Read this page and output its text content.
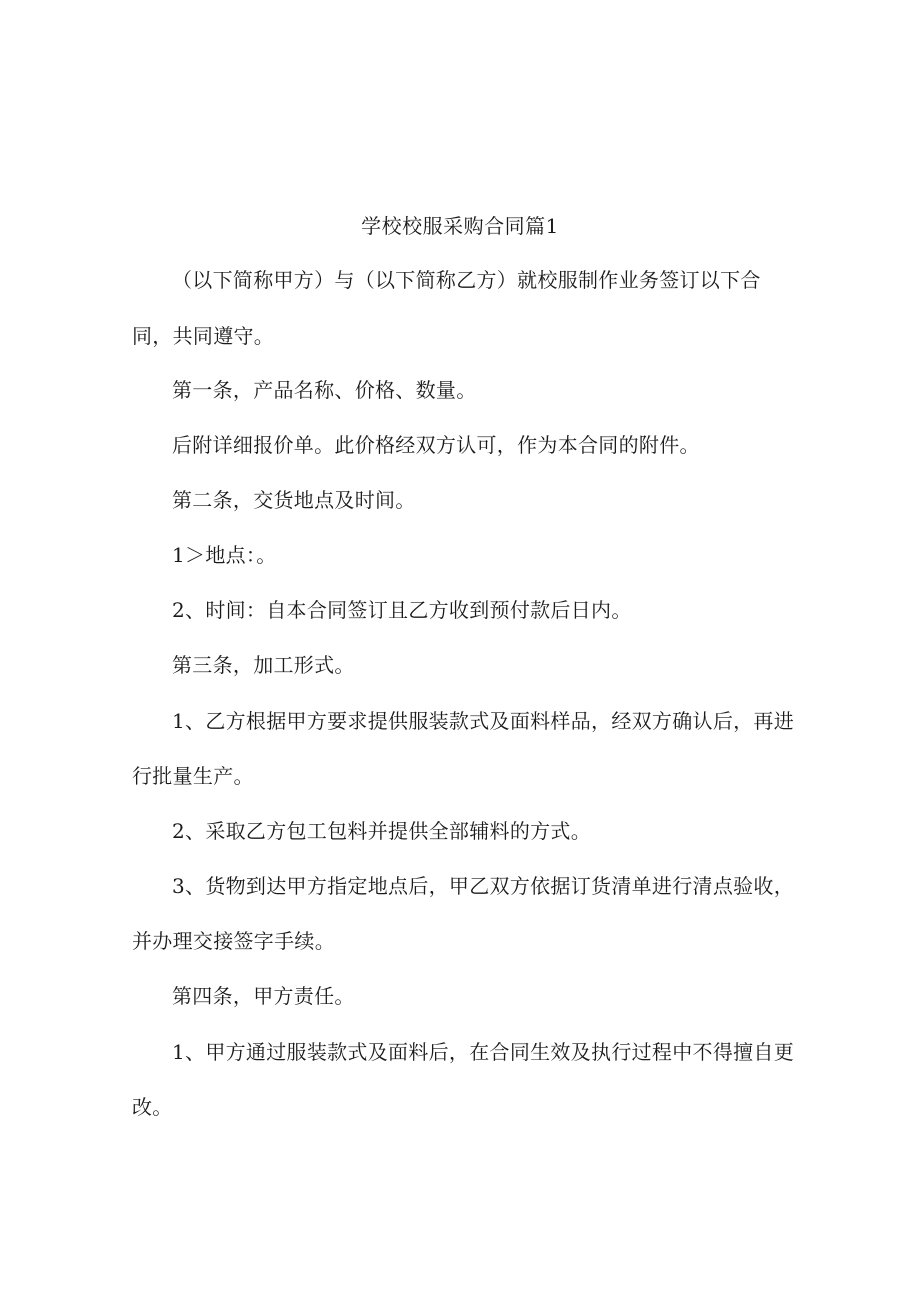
学校校服采购合同篇1
（以下简称甲方）与（以下简称乙方）就校服制作业务签订以下合
同，共同遵守。
第一条，产品名称、价格、数量。
后附详细报价单。此价格经双方认可，作为本合同的附件。
第二条，交货地点及时间。
1＞地点：。
2、时间：自本合同签订且乙方收到预付款后日内。
第三条，加工形式。
1、乙方根据甲方要求提供服装款式及面料样品，经双方确认后，再进
行批量生产。
2、采取乙方包工包料并提供全部辅料的方式。
3、货物到达甲方指定地点后，甲乙双方依据订货清单进行清点验收，
并办理交接签字手续。
第四条，甲方责任。
1、甲方通过服装款式及面料后，在合同生效及执行过程中不得擅自更
改。
